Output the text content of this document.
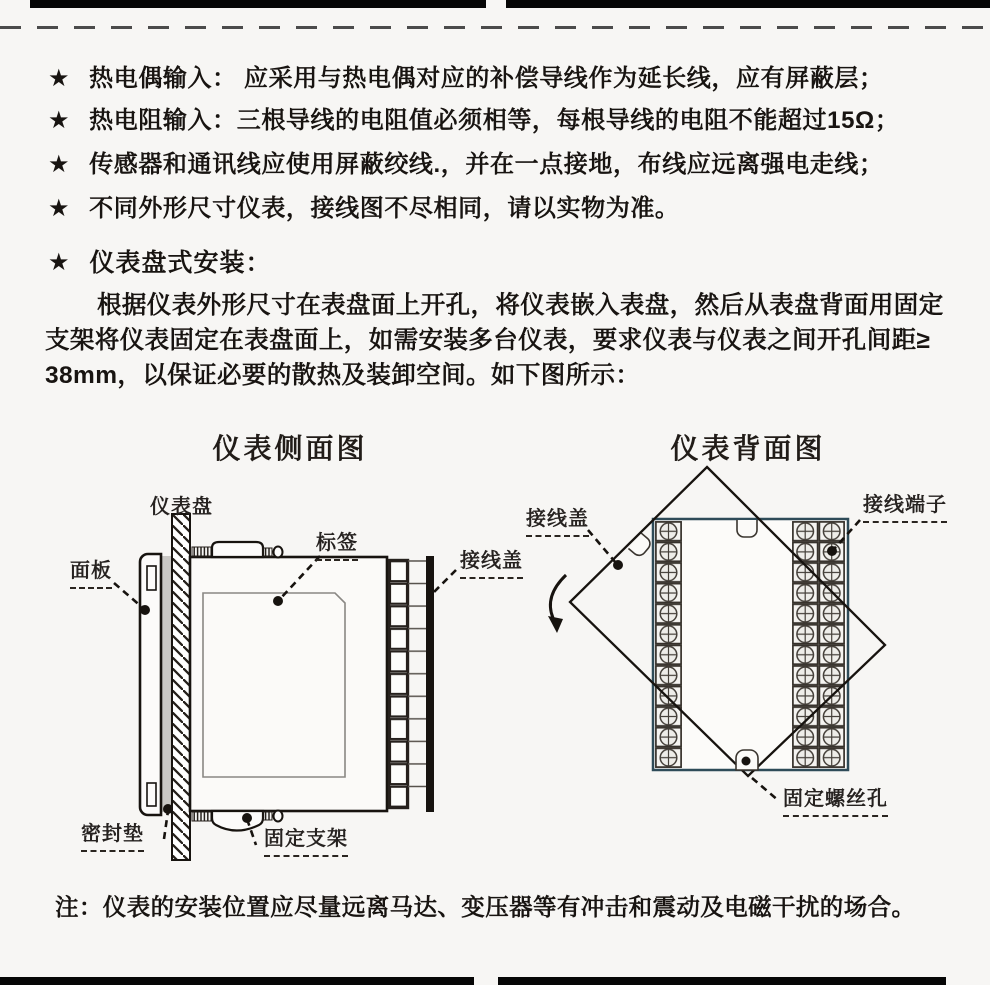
★ 热电偶输入： 应采用与热电偶对应的补偿导线作为延长线，应有屏蔽层；
★ 热电阻输入：三根导线的电阻值必须相等，每根导线的电阻不能超过15Ω；
★ 传感器和通讯线应使用屏蔽绞线.，并在一点接地，布线应远离强电走线；
★ 不同外形尺寸仪表，接线图不尽相同，请以实物为准。
★ 仪表盘式安装：
根据仪表外形尺寸在表盘面上开孔，将仪表嵌入表盘，然后从表盘背面用固定
支架将仪表固定在表盘面上，如需安装多台仪表，要求仪表与仪表之间开孔间距≥
38mm，以保证必要的散热及装卸空间。如下图所示：
仪表侧面图	仪表背面图
仪表盘
面板
标签
接线盖
密封垫	固定支架
接线盖
接线端子
固定螺丝孔
注：仪表的安装位置应尽量远离马达、变压器等有冲击和震动及电磁干扰的场合。
